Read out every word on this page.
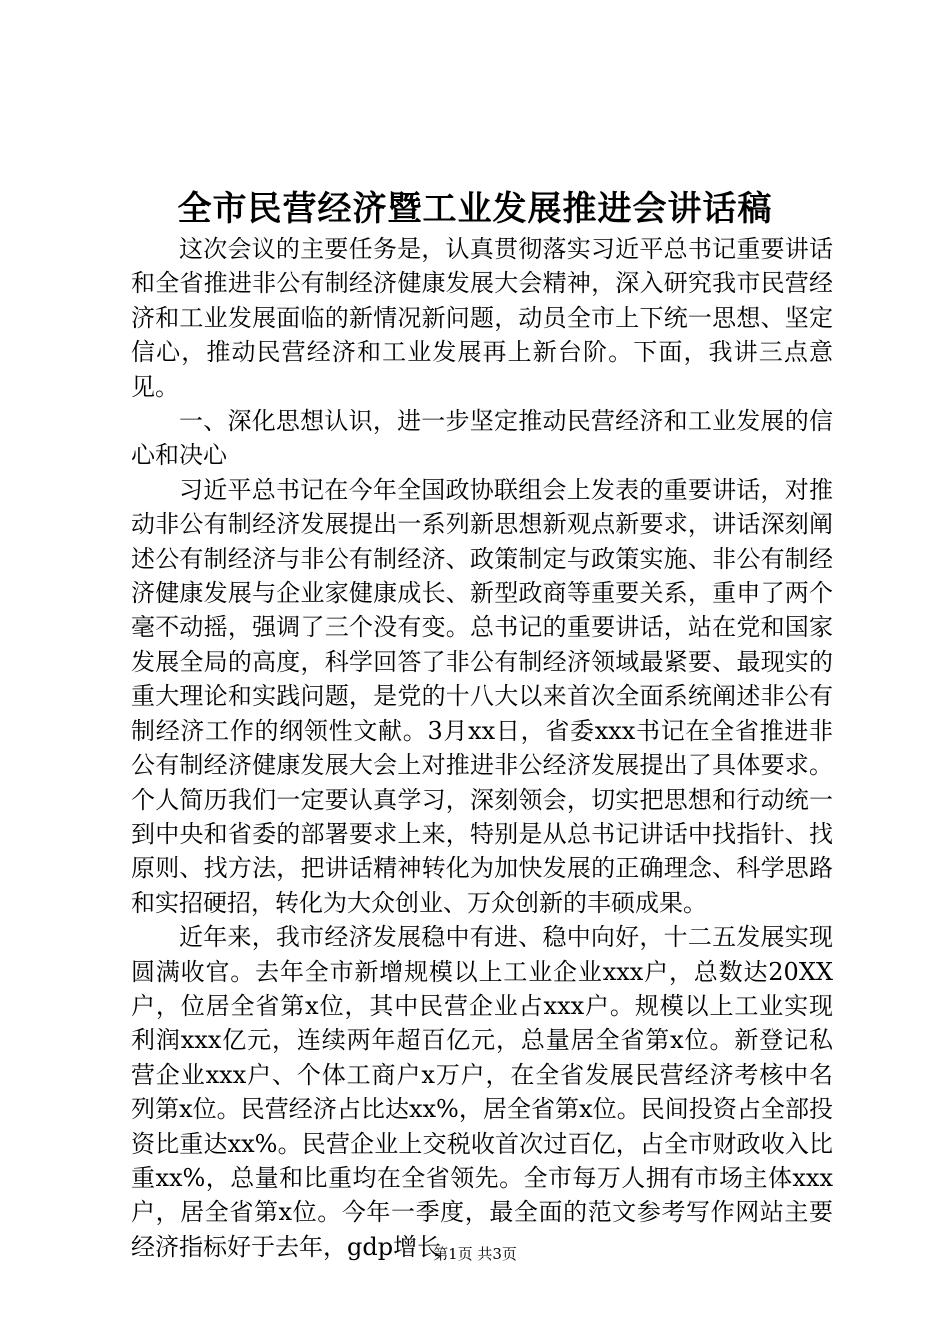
全市民营经济暨工业发展推进会讲话稿

这次会议的主要任务是，认真贯彻落实习近平总书记重要讲话和全省推进非公有制经济健康发展大会精神，深入研究我市民营经济和工业发展面临的新情况新问题，动员全市上下统一思想、坚定信心，推动民营经济和工业发展再上新台阶。下面，我讲三点意见。

一、深化思想认识，进一步坚定推动民营经济和工业发展的信心和决心

习近平总书记在今年全国政协联组会上发表的重要讲话，对推动非公有制经济发展提出一系列新思想新观点新要求，讲话深刻阐述公有制经济与非公有制经济、政策制定与政策实施、非公有制经济健康发展与企业家健康成长、新型政商等重要关系，重申了两个毫不动摇，强调了三个没有变。总书记的重要讲话，站在党和国家发展全局的高度，科学回答了非公有制经济领域最紧要、最现实的重大理论和实践问题，是党的十八大以来首次全面系统阐述非公有制经济工作的纲领性文献。3月xx日，省委xxx书记在全省推进非公有制经济健康发展大会上对推进非公经济发展提出了具体要求。个人简历我们一定要认真学习，深刻领会，切实把思想和行动统一到中央和省委的部署要求上来，特别是从总书记讲话中找指针、找原则、找方法，把讲话精神转化为加快发展的正确理念、科学思路和实招硬招，转化为大众创业、万众创新的丰硕成果。

近年来，我市经济发展稳中有进、稳中向好，十二五发展实现圆满收官。去年全市新增规模以上工业企业xxx户，总数达20XX户，位居全省第x位，其中民营企业占xxx户。规模以上工业实现利润xxx亿元，连续两年超百亿元，总量居全省第x位。新登记私营企业xxx户、个体工商户x万户，在全省发展民营经济考核中名列第x位。民营经济占比达xx%，居全省第x位。民间投资占全部投资比重达xx%。民营企业上交税收首次过百亿，占全市财政收入比重xx%，总量和比重均在全省领先。全市每万人拥有市场主体xxx户，居全省第x位。今年一季度，最全面的范文参考写作网站主要经济指标好于去年，gdp增长

第1页 共3页
